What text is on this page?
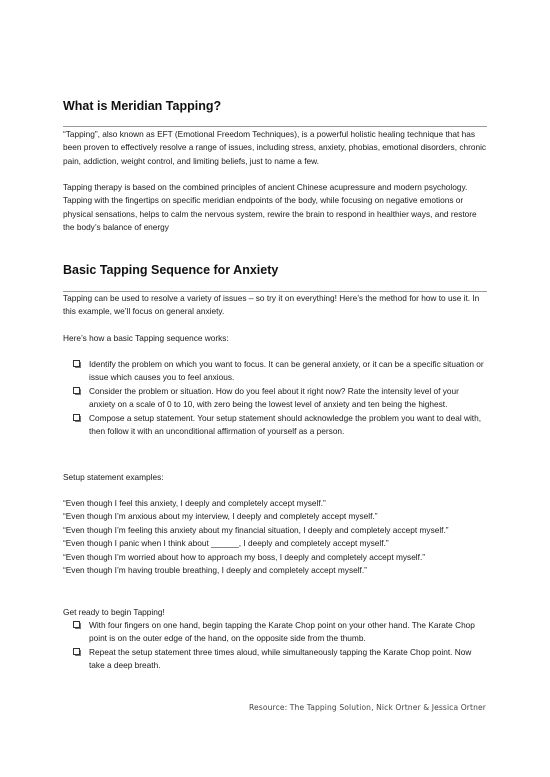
What is Meridian Tapping?

“Tapping”, also known as EFT (Emotional Freedom Techniques), is a powerful holistic healing technique that has been proven to effectively resolve a range of issues, including stress, anxiety, phobias, emotional disorders, chronic pain, addiction, weight control, and limiting beliefs, just to name a few.

Tapping therapy is based on the combined principles of ancient Chinese acupressure and modern psychology. Tapping with the fingertips on specific meridian endpoints of the body, while focusing on negative emotions or physical sensations, helps to calm the nervous system, rewire the brain to respond in healthier ways, and restore the body’s balance of energy

Basic Tapping Sequence for Anxiety

Tapping can be used to resolve a variety of issues – so try it on everything! Here’s the method for how to use it. In this example, we’ll focus on general anxiety.

Here’s how a basic Tapping sequence works:

Identify the problem on which you want to focus. It can be general anxiety, or it can be a specific situation or issue which causes you to feel anxious.
Consider the problem or situation. How do you feel about it right now? Rate the intensity level of your anxiety on a scale of 0 to 10, with zero being the lowest level of anxiety and ten being the highest.
Compose a setup statement. Your setup statement should acknowledge the problem you want to deal with, then follow it with an unconditional affirmation of yourself as a person.

Setup statement examples:

“Even though I feel this anxiety, I deeply and completely accept myself.”

“Even though I’m anxious about my interview, I deeply and completely accept myself.”

“Even though I’m feeling this anxiety about my financial situation, I deeply and completely accept myself.”

“Even though I panic when I think about ______, I deeply and completely accept myself.”

“Even though I’m worried about how to approach my boss, I deeply and completely accept myself.”

“Even though I’m having trouble breathing, I deeply and completely accept myself.”

Get ready to begin Tapping!

With four fingers on one hand, begin tapping the Karate Chop point on your other hand. The Karate Chop point is on the outer edge of the hand, on the opposite side from the thumb.
Repeat the setup statement three times aloud, while simultaneously tapping the Karate Chop point. Now take a deep breath.
Resource: The Tapping Solution, Nick Ortner & Jessica Ortner
